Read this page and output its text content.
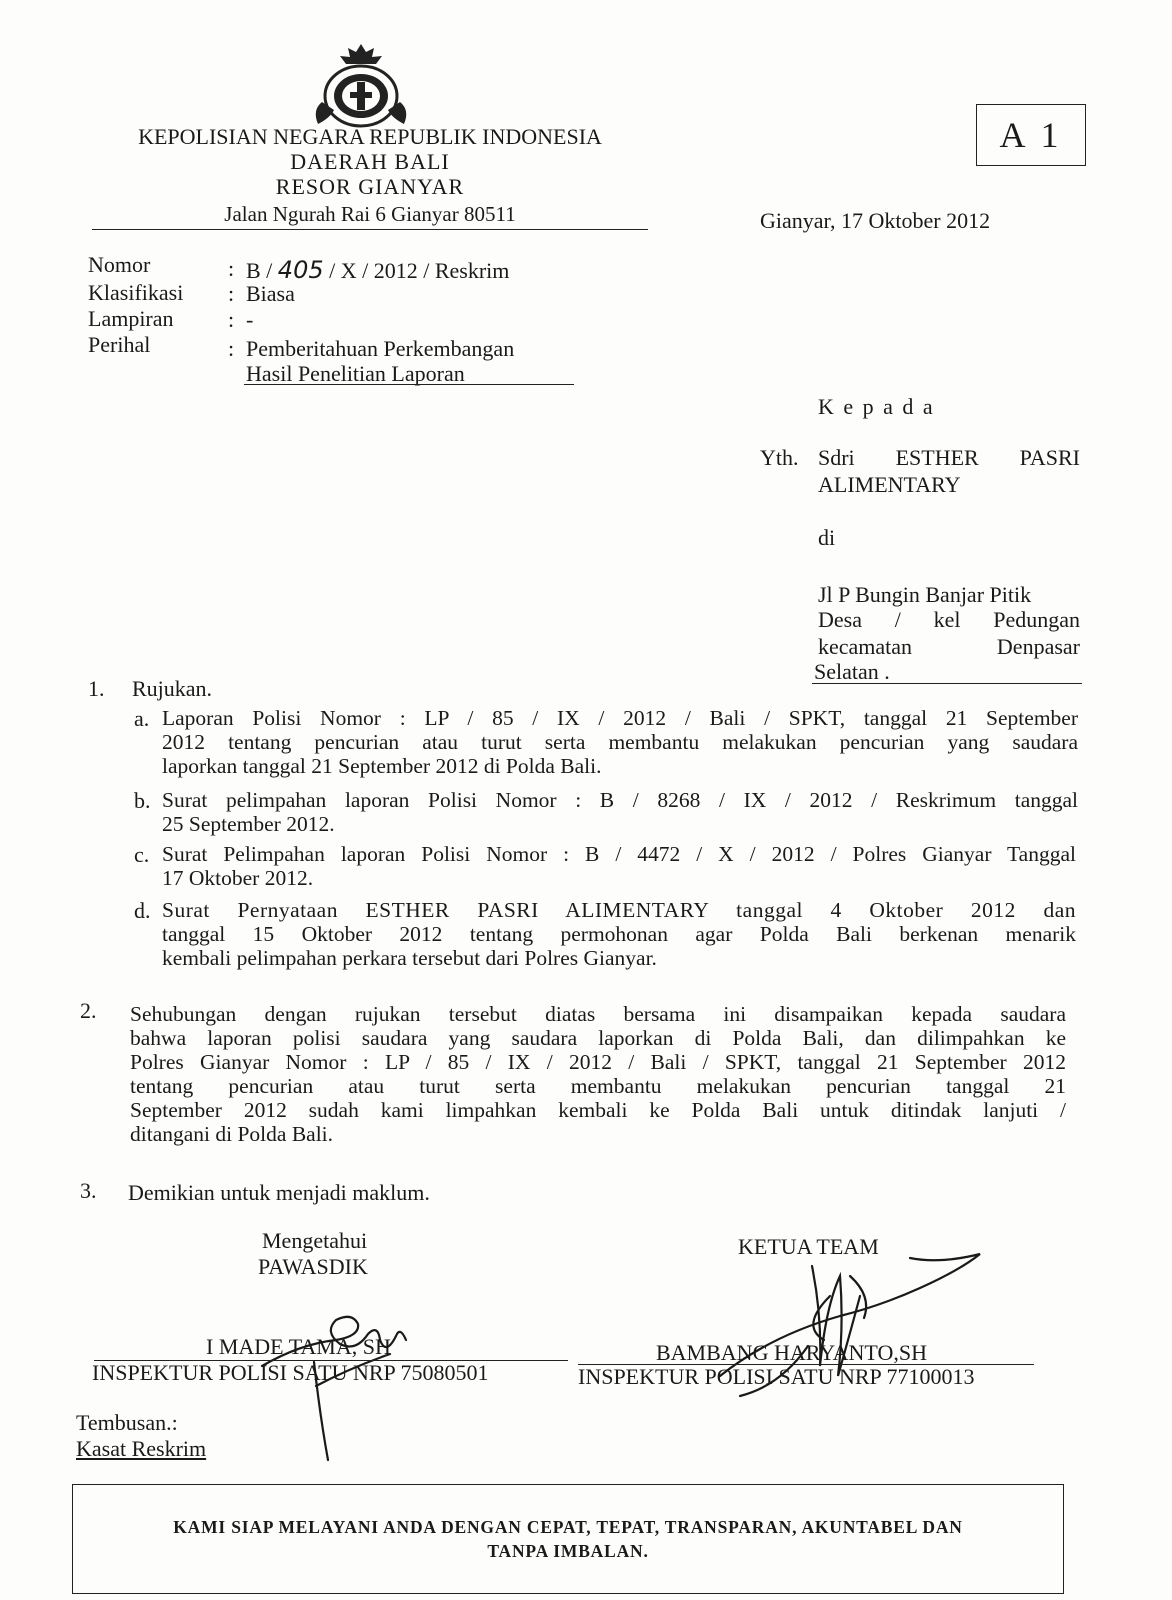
KEPOLISIAN NEGARA REPUBLIK INDONESIA
DAERAH BALI
RESOR GIANYAR
Jalan Ngurah Rai 6 Gianyar 80511
A 1
Gianyar, 17 Oktober 2012
Nomor	: B / 405 / X / 2012 / Reskrim
Klasifikasi : Biasa
Lampiran : -
Perihal	: Pemberitahuan Perkembangan
Hasil Penelitian Laporan
K e p a d a
Yth. Sdri ESTHER PASRI
ALIMENTARY
di
Jl P Bungin Banjar Pitik
Desa / kel Pedungan
kecamatan	Denpasar
Selatan .
1. Rujukan.
a. Laporan Polisi Nomor : LP / 85 / IX / 2012 / Bali / SPKT, tanggal 21 September
2012 tentang pencurian atau turut serta membantu melakukan pencurian yang saudara
laporkan tanggal 21 September 2012 di Polda Bali.
b. Surat pelimpahan laporan Polisi Nomor : B / 8268 / IX / 2012 / Reskrimum tanggal
25 September 2012.
c. Surat Pelimpahan laporan Polisi Nomor : B / 4472 / X / 2012 / Polres Gianyar Tanggal
17 Oktober 2012.
d. Surat Pernyataan ESTHER PASRI ALIMENTARY tanggal 4 Oktober 2012 dan
tanggal 15 Oktober 2012 tentang permohonan agar Polda Bali berkenan menarik
kembali pelimpahan perkara tersebut dari Polres Gianyar.
2. Sehubungan dengan rujukan tersebut diatas bersama ini disampaikan kepada saudara
bahwa laporan polisi saudara yang saudara laporkan di Polda Bali, dan dilimpahkan ke
Polres Gianyar Nomor : LP / 85 / IX / 2012 / Bali / SPKT, tanggal 21 September 2012
tentang pencurian atau turut serta membantu melakukan pencurian tanggal 21
September 2012 sudah kami limpahkan kembali ke Polda Bali untuk ditindak lanjuti /
ditangani di Polda Bali.
3. Demikian untuk menjadi maklum.
Mengetahui
PAWASDIK
KETUA TEAM
I MADE TAMA, SH	BAMBANG HARYANTO,SH
INSPEKTUR POLISI SATU NRP 75080501	INSPEKTUR POLISI SATU NRP 77100013
Tembusan.:
Kasat Reskrim
KAMI SIAP MELAYANI ANDA DENGAN CEPAT, TEPAT, TRANSPARAN, AKUNTABEL DAN
TANPA IMBALAN.
